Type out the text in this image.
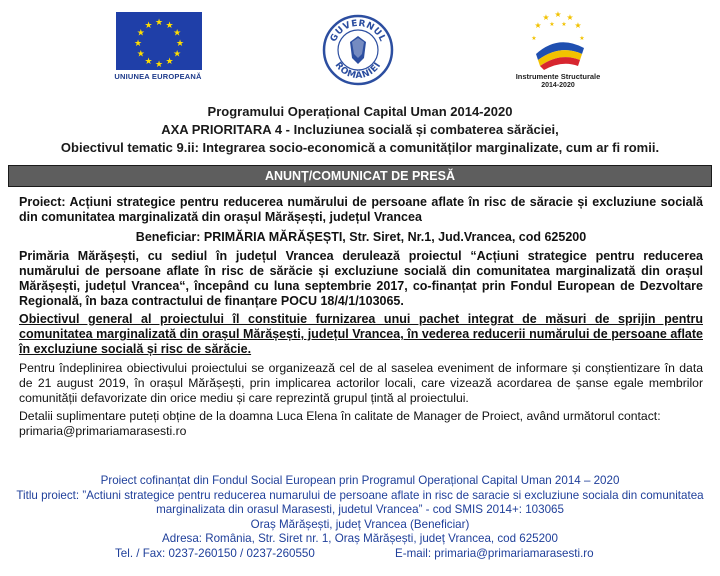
★ ★
★
★
★
★
★
★
★
★
★
★
UNIUNEA EUROPEANĂ
GUVERNUL
ROMÂNIEI
★
★ ★ ★
★
★	★
★ ★
Instrumente Structurale
2014-2020
Programului Operațional Capital Uman 2014-2020
AXA PRIORITARA 4 - Incluziunea socială și combaterea sărăciei,
Obiectivul tematic 9.ii: Integrarea socio-economică a comunităților marginalizate, cum ar fi romii.
ANUNȚ/COMUNICAT DE PRESĂ

Proiect: Acțiuni strategice pentru reducerea numărului de persoane aflate în risc de săracie și excluziune socială din comunitatea marginalizată din orașul Mărășești, județul Vrancea

Beneficiar: PRIMĂRIA MĂRĂȘEȘTI, Str. Siret, Nr.1, Jud.Vrancea, cod 625200

Primăria Mărășești, cu sediul în județul Vrancea derulează proiectul “Acțiuni strategice pentru reducerea numărului de persoane aflate în risc de sărăcie și excluziune socială din comunitatea marginalizată din orașul Mărășești, județul Vrancea“, începând cu luna septembrie 2017, co-finanțat prin Fondul European de Dezvoltare Regională, în baza contractului de finanțare POCU 18/4/1/103065.

Obiectivul general al proiectului îl constituie furnizarea unui pachet integrat de măsuri de sprijin pentru comunitatea marginalizată din orașul Mărășești, județul Vrancea, în vederea reducerii numărului de persoane aflate în excluziune socială și risc de sărăcie.

Pentru îndeplinirea obiectivului proiectului se organizează cel de al saselea eveniment de informare și conștientizare în data de 21 august 2019, în orașul Mărășești, prin implicarea actorilor locali, care vizează acordarea de șanse egale membrilor comunității defavorizate din orice mediu și care reprezintă grupul țintă al proiectului.

Detalii suplimentare puteți obține de la doamna Luca Elena în calitate de Manager de Proiect, având următorul contact: primaria@primariamarasesti.ro

Proiect cofinanțat din Fondul Social European prin Programul Operațional Capital Uman 2014 – 2020
Titlu proiect: ”Actiuni strategice pentru reducerea numarului de persoane aflate in risc de saracie si excluziune sociala din comunitatea marginalizata din orasul Marasesti, judetul Vrancea” - cod SMIS 2014+: 103065
Oraș Mărășești, județ Vrancea (Beneficiar)
Adresa: România, Str. Siret nr. 1, Oraș Mărășești, județ Vrancea, cod 625200
Tel. / Fax: 0237-260150 / 0237-260550	E-mail: primaria@primariamarasesti.ro
